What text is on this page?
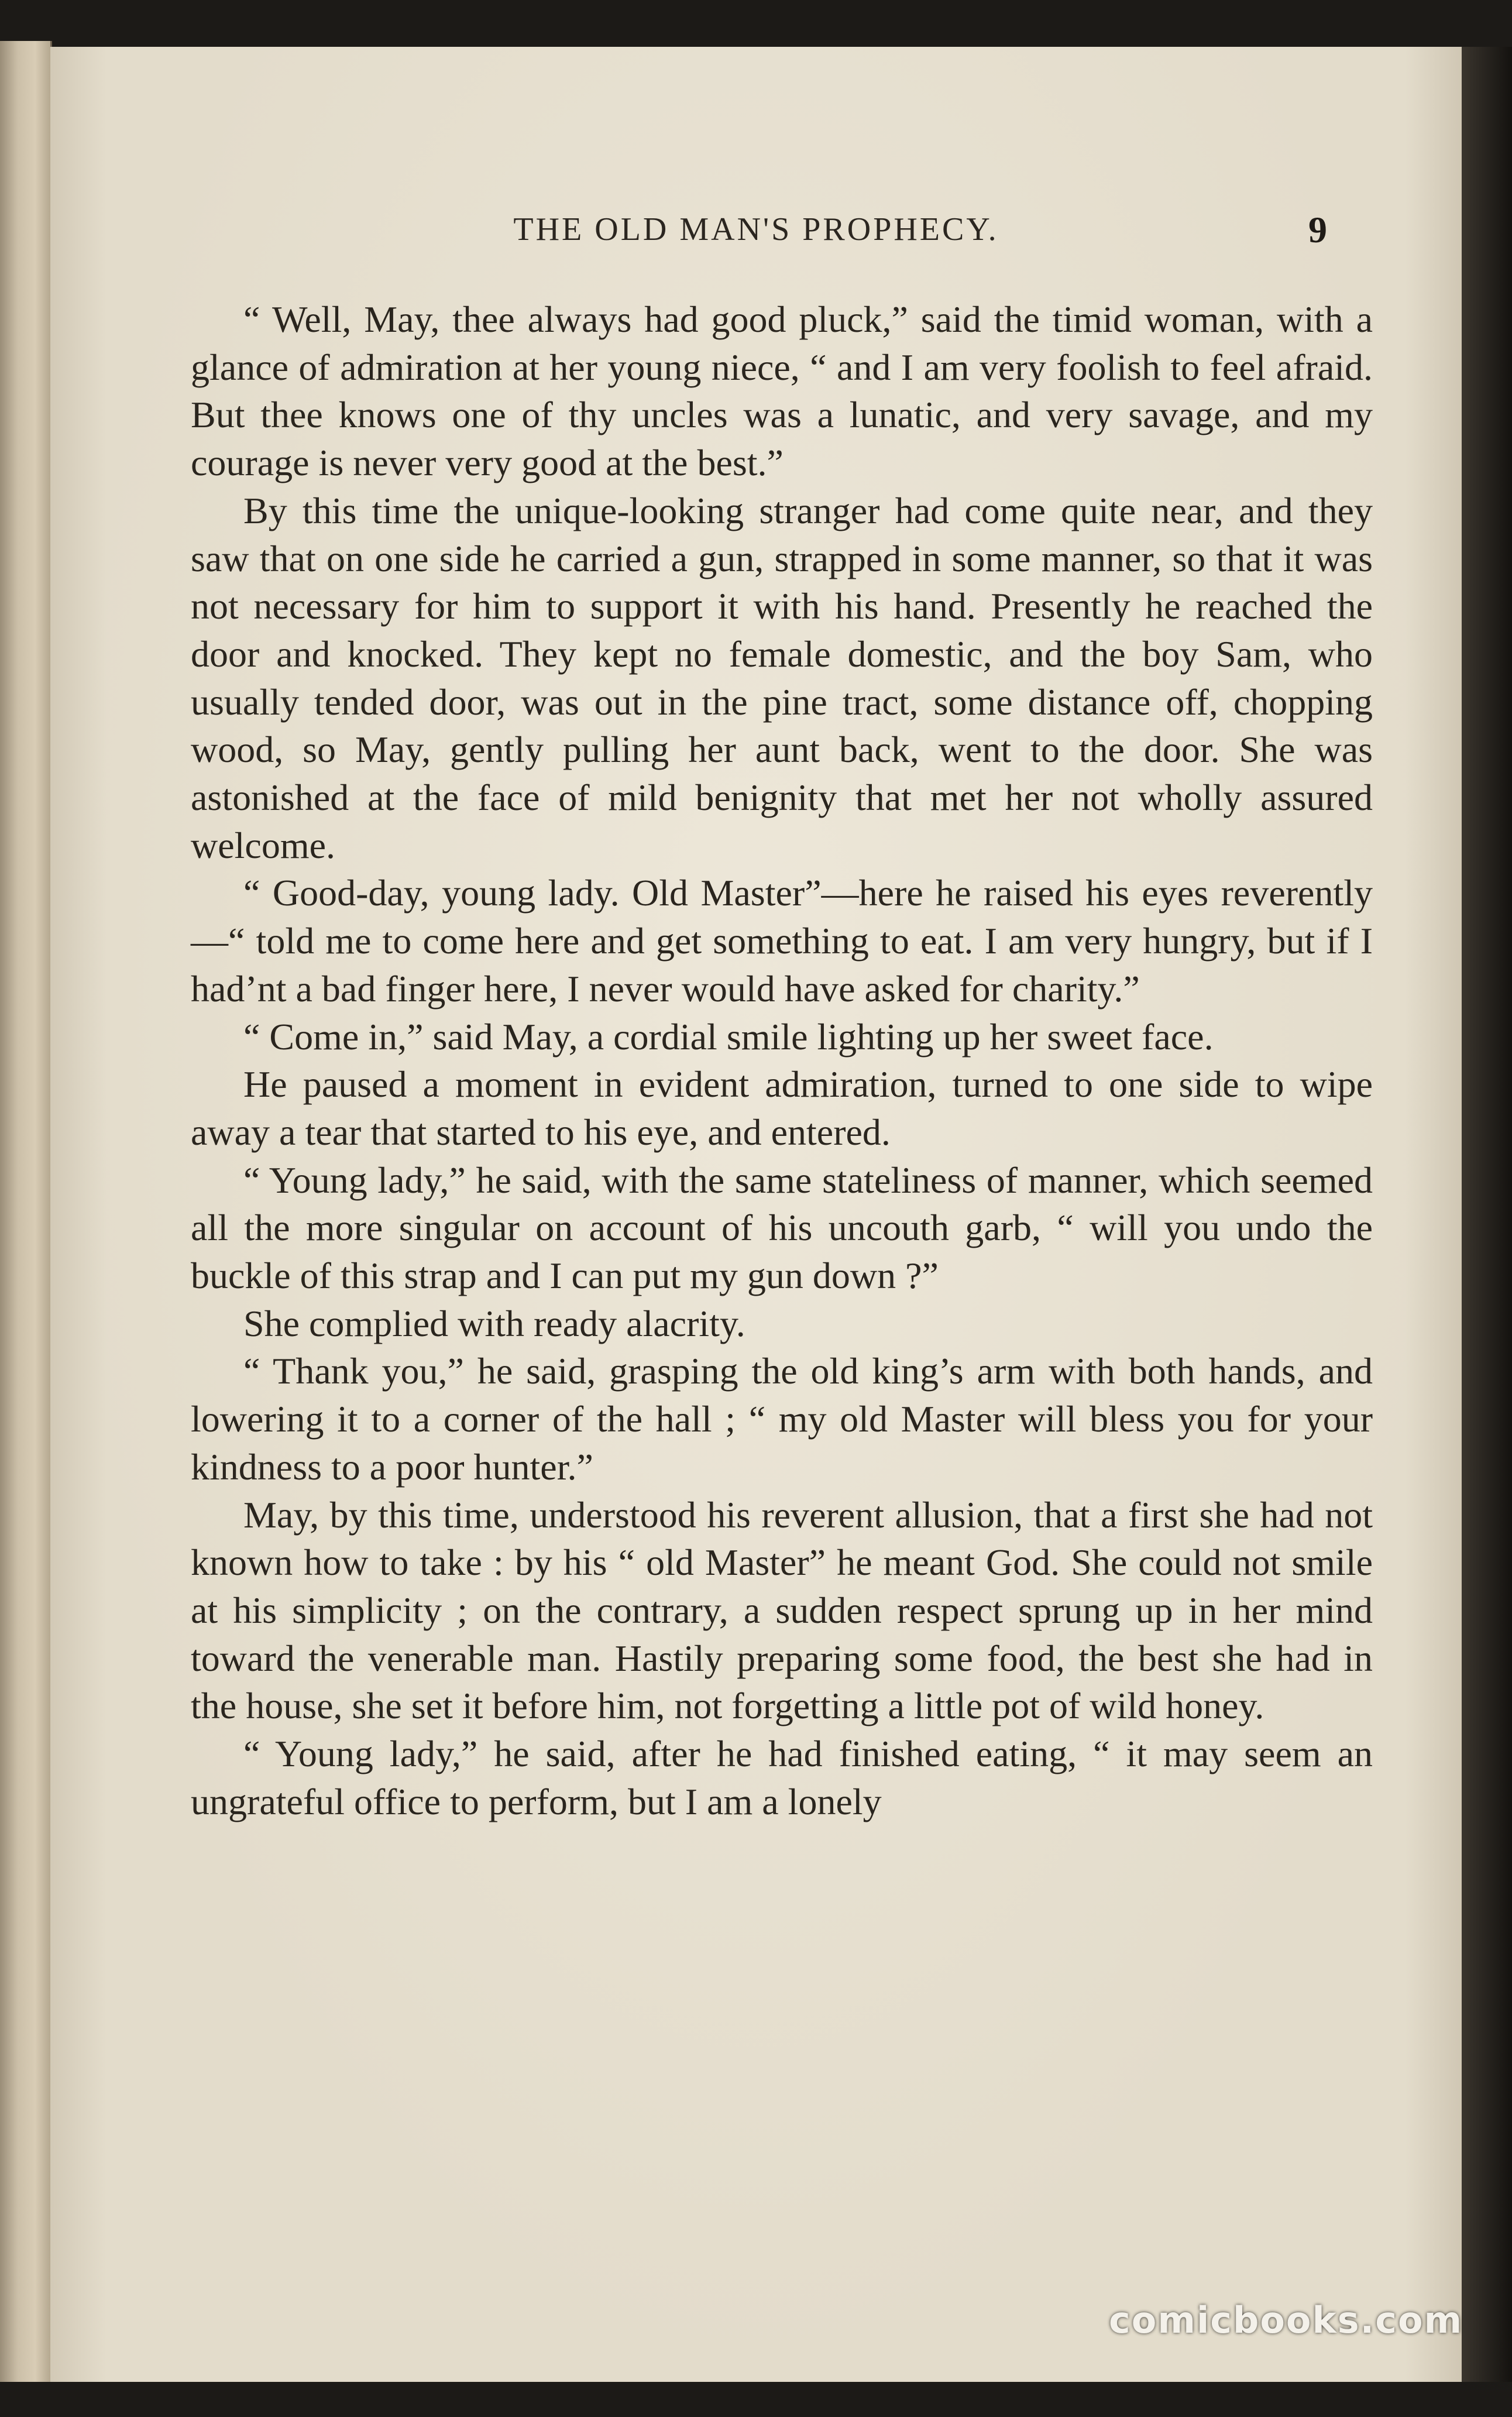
THE OLD MAN'S PROPHECY.	9

“ Well, May, thee always had good pluck,” said the timid woman, with a glance of admiration at her young niece, “ and I am very foolish to feel afraid. But thee knows one of thy uncles was a lunatic, and very savage, and my courage is never very good at the best.”

By this time the unique-looking stranger had come quite near, and they saw that on one side he carried a gun, strapped in some manner, so that it was not necessary for him to support it with his hand. Presently he reached the door and knocked. They kept no female domestic, and the boy Sam, who usually tended door, was out in the pine tract, some distance off, chopping wood, so May, gently pulling her aunt back, went to the door. She was astonished at the face of mild benignity that met her not wholly assured welcome.

“ Good-day, young lady. Old Master”—here he raised his eyes reverently—“ told me to come here and get something to eat. I am very hungry, but if I had’nt a bad finger here, I never would have asked for charity.”

“ Come in,” said May, a cordial smile lighting up her sweet face.

He paused a moment in evident admiration, turned to one side to wipe away a tear that started to his eye, and entered.

“ Young lady,” he said, with the same stateliness of manner, which seemed all the more singular on account of his uncouth garb, “ will you undo the buckle of this strap and I can put my gun down ?”

She complied with ready alacrity.

“ Thank you,” he said, grasping the old king’s arm with both hands, and lowering it to a corner of the hall ; “ my old Master will bless you for your kindness to a poor hunter.”

May, by this time, understood his reverent allusion, that a first she had not known how to take : by his “ old Master” he meant God. She could not smile at his simplicity ; on the contrary, a sudden respect sprung up in her mind toward the venerable man. Hastily preparing some food, the best she had in the house, she set it before him, not forgetting a little pot of wild honey.

“ Young lady,” he said, after he had finished eating, “ it may seem an ungrateful office to perform, but I am a lonely

comicbooks.com
